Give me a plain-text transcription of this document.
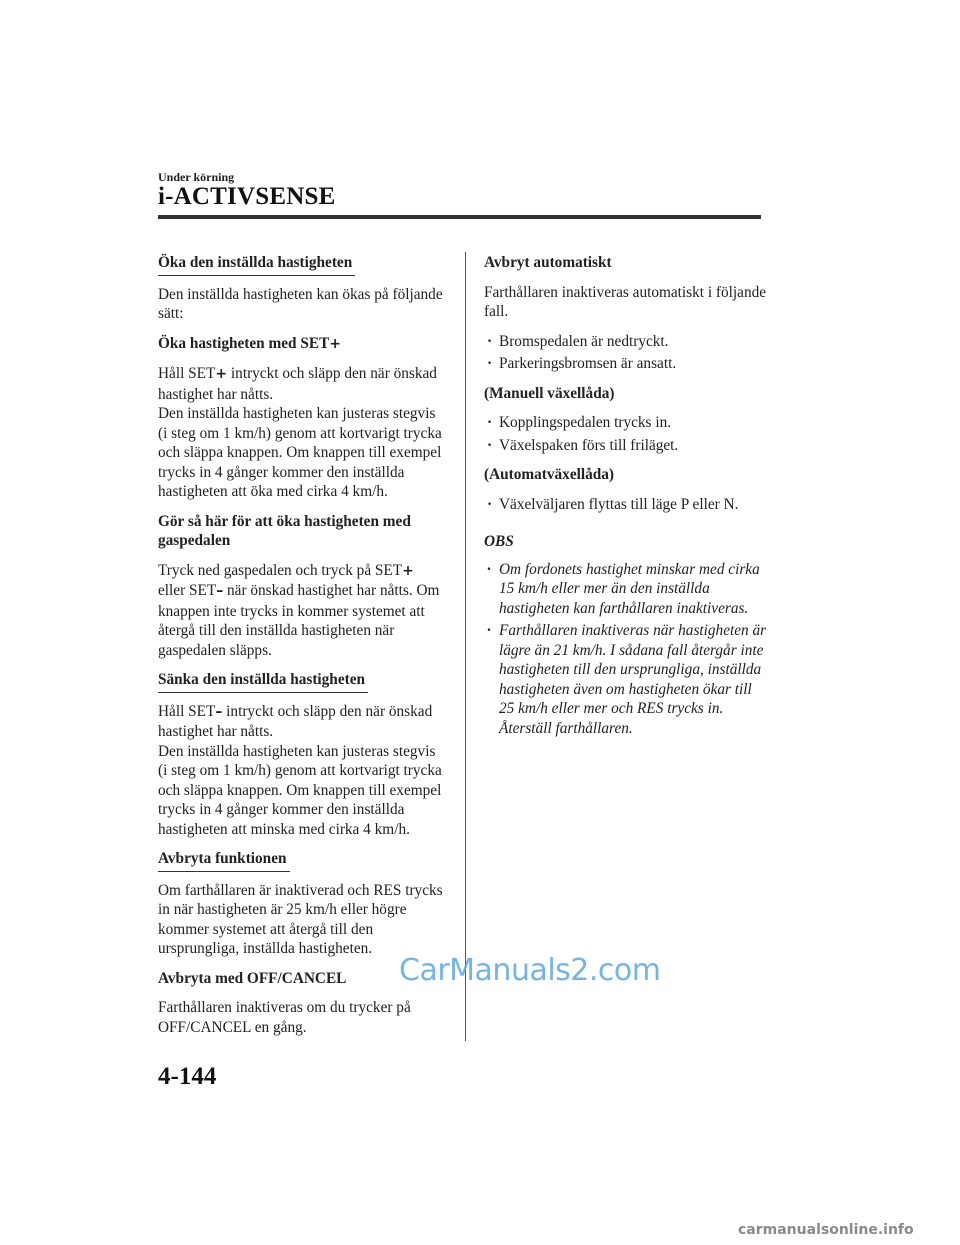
Under körning
i-ACTIVSENSE
Öka den inställda hastigheten

Den inställda hastigheten kan ökas på följande sätt:

Öka hastigheten med SET+

Håll SET+ intryckt och släpp den när önskad hastighet har nåtts.
Den inställda hastigheten kan justeras stegvis (i steg om 1 km/h) genom att kortvarigt trycka och släppa knappen. Om knappen till exempel trycks in 4 gånger kommer den inställda hastigheten att öka med cirka 4 km/h.

Gör så här för att öka hastigheten med gaspedalen

Tryck ned gaspedalen och tryck på SET+ eller SET– när önskad hastighet har nåtts. Om knappen inte trycks in kommer systemet att återgå till den inställda hastigheten när gaspedalen släpps.

Sänka den inställda hastigheten

Håll SET– intryckt och släpp den när önskad hastighet har nåtts.
Den inställda hastigheten kan justeras stegvis (i steg om 1 km/h) genom att kortvarigt trycka och släppa knappen. Om knappen till exempel trycks in 4 gånger kommer den inställda hastigheten att minska med cirka 4 km/h.

Avbryta funktionen

Om farthållaren är inaktiverad och RES trycks in när hastigheten är 25 km/h eller högre kommer systemet att återgå till den ursprungliga, inställda hastigheten.

Avbryta med OFF/CANCEL

Farthållaren inaktiveras om du trycker på OFF/CANCEL en gång.

Avbryt automatiskt

Farthållaren inaktiveras automatiskt i följande fall.

· Bromspedalen är nedtryckt.
· Parkeringsbromsen är ansatt.
(Manuell växellåda)
· Kopplingspedalen trycks in.
· Växelspaken förs till friläget.
(Automatväxellåda)
· Växelväljaren flyttas till läge P eller N.
OBS
· Om fordonets hastighet minskar med cirka 15 km/h eller mer än den inställda hastigheten kan farthållaren inaktiveras.
· Farthållaren inaktiveras när hastigheten är lägre än 21 km/h. I sådana fall återgår inte hastigheten till den ursprungliga, inställda hastigheten även om hastigheten ökar till 25 km/h eller mer och RES trycks in. Återställ farthållaren.
CarManuals2.com
4-144
carmanualsonline.info
